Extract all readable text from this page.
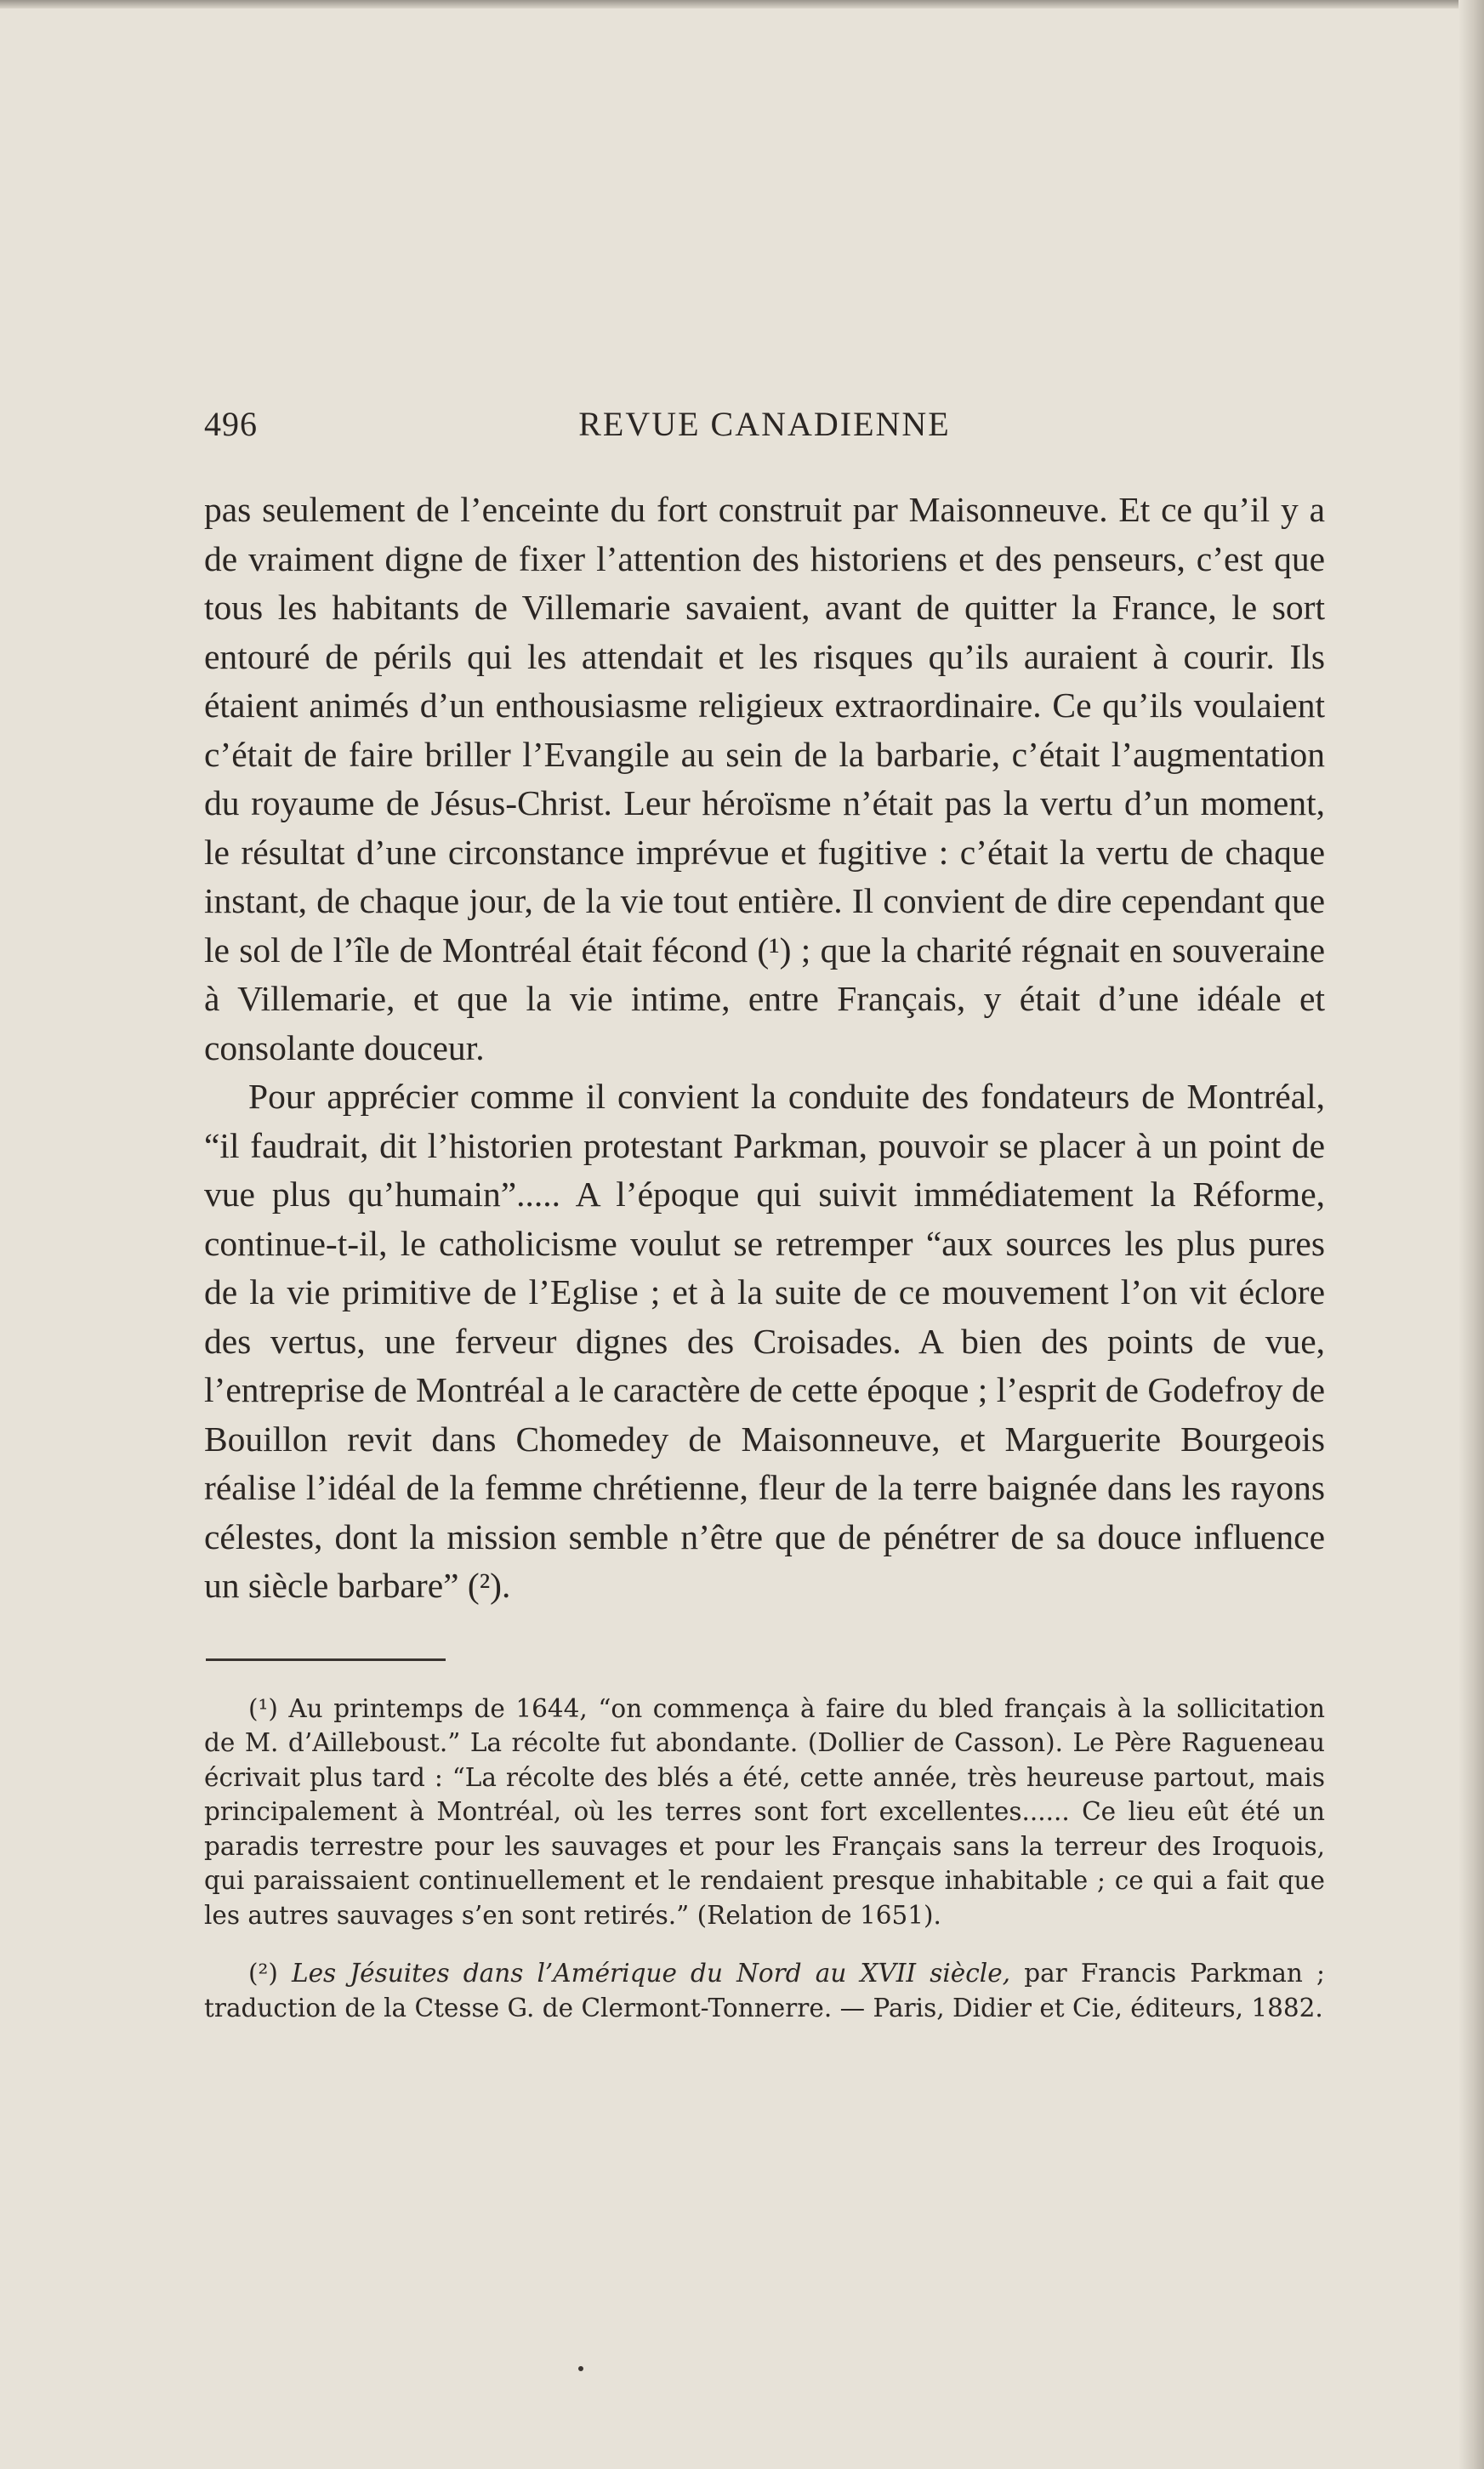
REVUE CANADIENNE
496

pas seulement de l’enceinte du fort construit par Maisonneuve. Et ce qu’il y a de vraiment digne de fixer l’attention des historiens et des penseurs, c’est que tous les habitants de Villemarie savaient, avant de quitter la France, le sort entouré de périls qui les attendait et les risques qu’ils auraient à courir. Ils étaient animés d’un enthousiasme religieux extraordinaire. Ce qu’ils voulaient c’était de faire briller l’Evangile au sein de la barbarie, c’était l’augmentation du royaume de Jésus-Christ. Leur héroïsme n’était pas la vertu d’un moment, le résultat d’une circonstance imprévue et fugitive : c’était la vertu de chaque instant, de chaque jour, de la vie tout entière. Il convient de dire cependant que le sol de l’île de Montréal était fécond (¹) ; que la charité régnait en souveraine à Villemarie, et que la vie intime, entre Français, y était d’une idéale et consolante douceur.

Pour apprécier comme il convient la conduite des fondateurs de Montréal, “il faudrait, dit l’historien protestant Parkman, pouvoir se placer à un point de vue plus qu’humain”..... A l’époque qui suivit immédiatement la Réforme, continue-t-il, le catholicisme voulut se retremper “aux sources les plus pures de la vie primitive de l’Eglise ; et à la suite de ce mouvement l’on vit éclore des vertus, une ferveur dignes des Croisades. A bien des points de vue, l’entreprise de Montréal a le caractère de cette époque ; l’esprit de Godefroy de Bouillon revit dans Chomedey de Maisonneuve, et Marguerite Bourgeois réalise l’idéal de la femme chrétienne, fleur de la terre baignée dans les rayons célestes, dont la mission semble n’être que de pénétrer de sa douce influence un siècle barbare” (²).

(¹) Au printemps de 1644, “on commença à faire du bled français à la sollicitation de M. d’Ailleboust.” La récolte fut abondante. (Dollier de Casson). Le Père Ragueneau écrivait plus tard : “La récolte des blés a été, cette année, très heureuse partout, mais principalement à Montréal, où les terres sont fort excellentes...... Ce lieu eût été un paradis terrestre pour les sauvages et pour les Français sans la terreur des Iroquois, qui paraissaient continuellement et le rendaient presque inhabitable ; ce qui a fait que les autres sauvages s’en sont retirés.” (Relation de 1651).

(²) Les Jésuites dans l’Amérique du Nord au XVII siècle, par Francis Parkman ; traduction de la Ctesse G. de Clermont-Tonnerre. — Paris, Didier et Cie, éditeurs, 1882.
